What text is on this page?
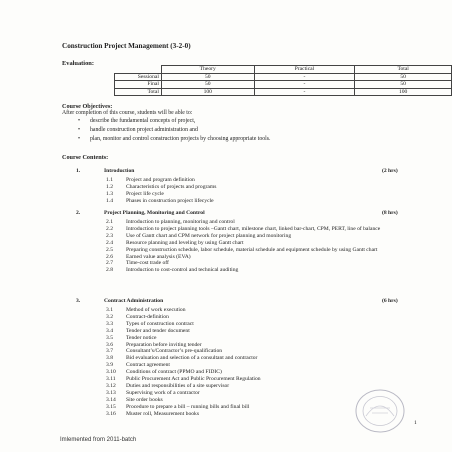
Construction Project Management (3-2-0)
Evaluation:
	Theory	Practical	Total
Sessional	50	-	50
Final	50	-	50
Total	100	-	100
Course Objectives:
After completion of this course, students will be able to:
•	describe the fundamental concepts of project,
•	handle construction project administration and
•	plan, monitor and control construction projects by choosing appropriate tools.
Course Contents:
1.	Introduction	(2 hrs)
1.1 Project and program definition
1.2 Characteristics of projects and programs
1.3 Project life cycle
1.4 Phases in construction project lifecycle
2.	Project Planning, Monitoring and Control	(8 hrs)
2.1 Introduction to planning, monitoring and control
2.2 Introduction to project planning tools –Gantt chart, milestone chart, linked bar-chart, CPM, PERT, line of balance
2.3 Use of Gantt chart and CPM network for project planning and monitoring
2.4 Resource planning and leveling by using Gantt chart
2.5 Preparing construction schedule, labor schedule, material schedule and equipment schedule by using Gantt chart
2.6 Earned value analysis (EVA)
2.7 Time-cost trade off
2.8 Introduction to cost-control and technical auditing
3.	Contract Administration	(6 hrs)
3.1 Method of work execution
3.2 Contract-definition
3.3 Types of construction contract
3.4 Tender and tender document
3.5 Tender notice
3.6 Preparation before inviting tender
3.7 Consultant’s/Contractor’s pre-qualification
3.8 Bid evaluation and selection of a consultant and contractor
3.9 Contract agreement
3.10 Conditions of contract (PPMO and FIDIC)
3.11 Public Procurement Act and Public Procurement Regulation
3.12 Duties and responsibilities of a site supervisor
3.13 Supervising work of a contractor
3.14 Site order books
3.15 Procedure to prepare a bill – running bills and final bill
3.16 Muster roll, Measurement books
1
Imlemented from 2011-batch
